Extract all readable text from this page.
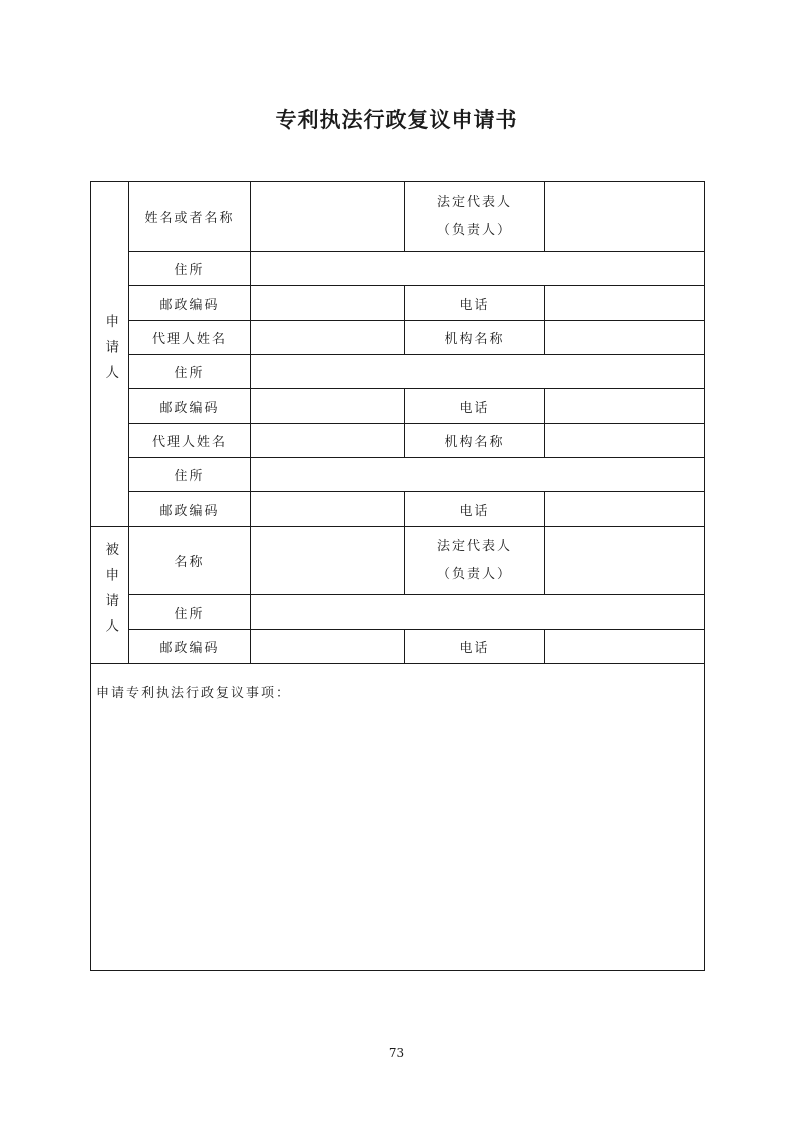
专利执法行政复议申请书
申请人	姓名或者名称		法定代表人
（负责人）	

	住所			
	邮政编码		电话	
	代理人姓名		机构名称	
	住所			
	邮政编码		电话	
	代理人姓名		机构名称	
	住所			
	邮政编码		电话	
被申请人	名称		法定代表人
（负责人）	

	住所			
	邮政编码		电话	
申请专利执法行政复议事项：				
73
